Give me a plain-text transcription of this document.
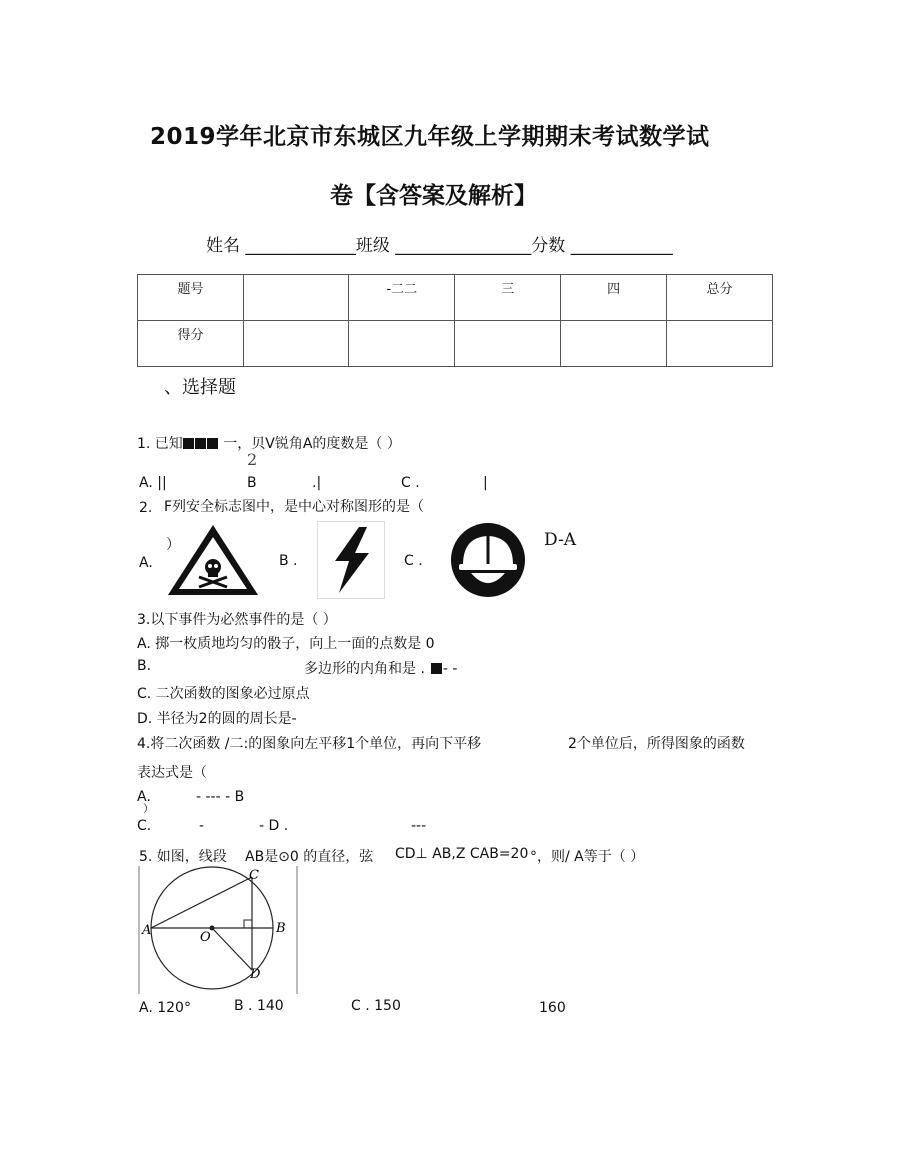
2019学年北京市东城区九年级上学期期末考试数学试
卷【含答案及解析】
姓名 _____________班级 ________________分数 ____________
题号		-二二	三	四	总分
得分					
、选择题
1. 已知	一，贝V锐角A的度数是（ ）
2
A. ||	B	.|	C .	|
2. F列安全标志图中，是中心对称图形的是（
）
A.	B .	C .
D-A
3.以下事件为必然事件的是（ ）
A. 掷一枚质地均匀的骰子，向上一面的点数是 0
B.	多边形的内角和是 . - -
C. 二次函数的图象必过原点
D. 半径为2的圆的周长是-
4.将二次函数 /二:的图象向左平移1个单位，再向下平移	2个单位后，所得图象的函数
表达式是（
A.	- --- - B
）
C.	-	- D .	---
5. 如图，线段 AB是⊙0 的直径，弦 CD⊥ AB,Z CAB=20 °，则/ A等于（ ）
A	B
C
D
O
A. 120°	B . 140	C . 150	160
